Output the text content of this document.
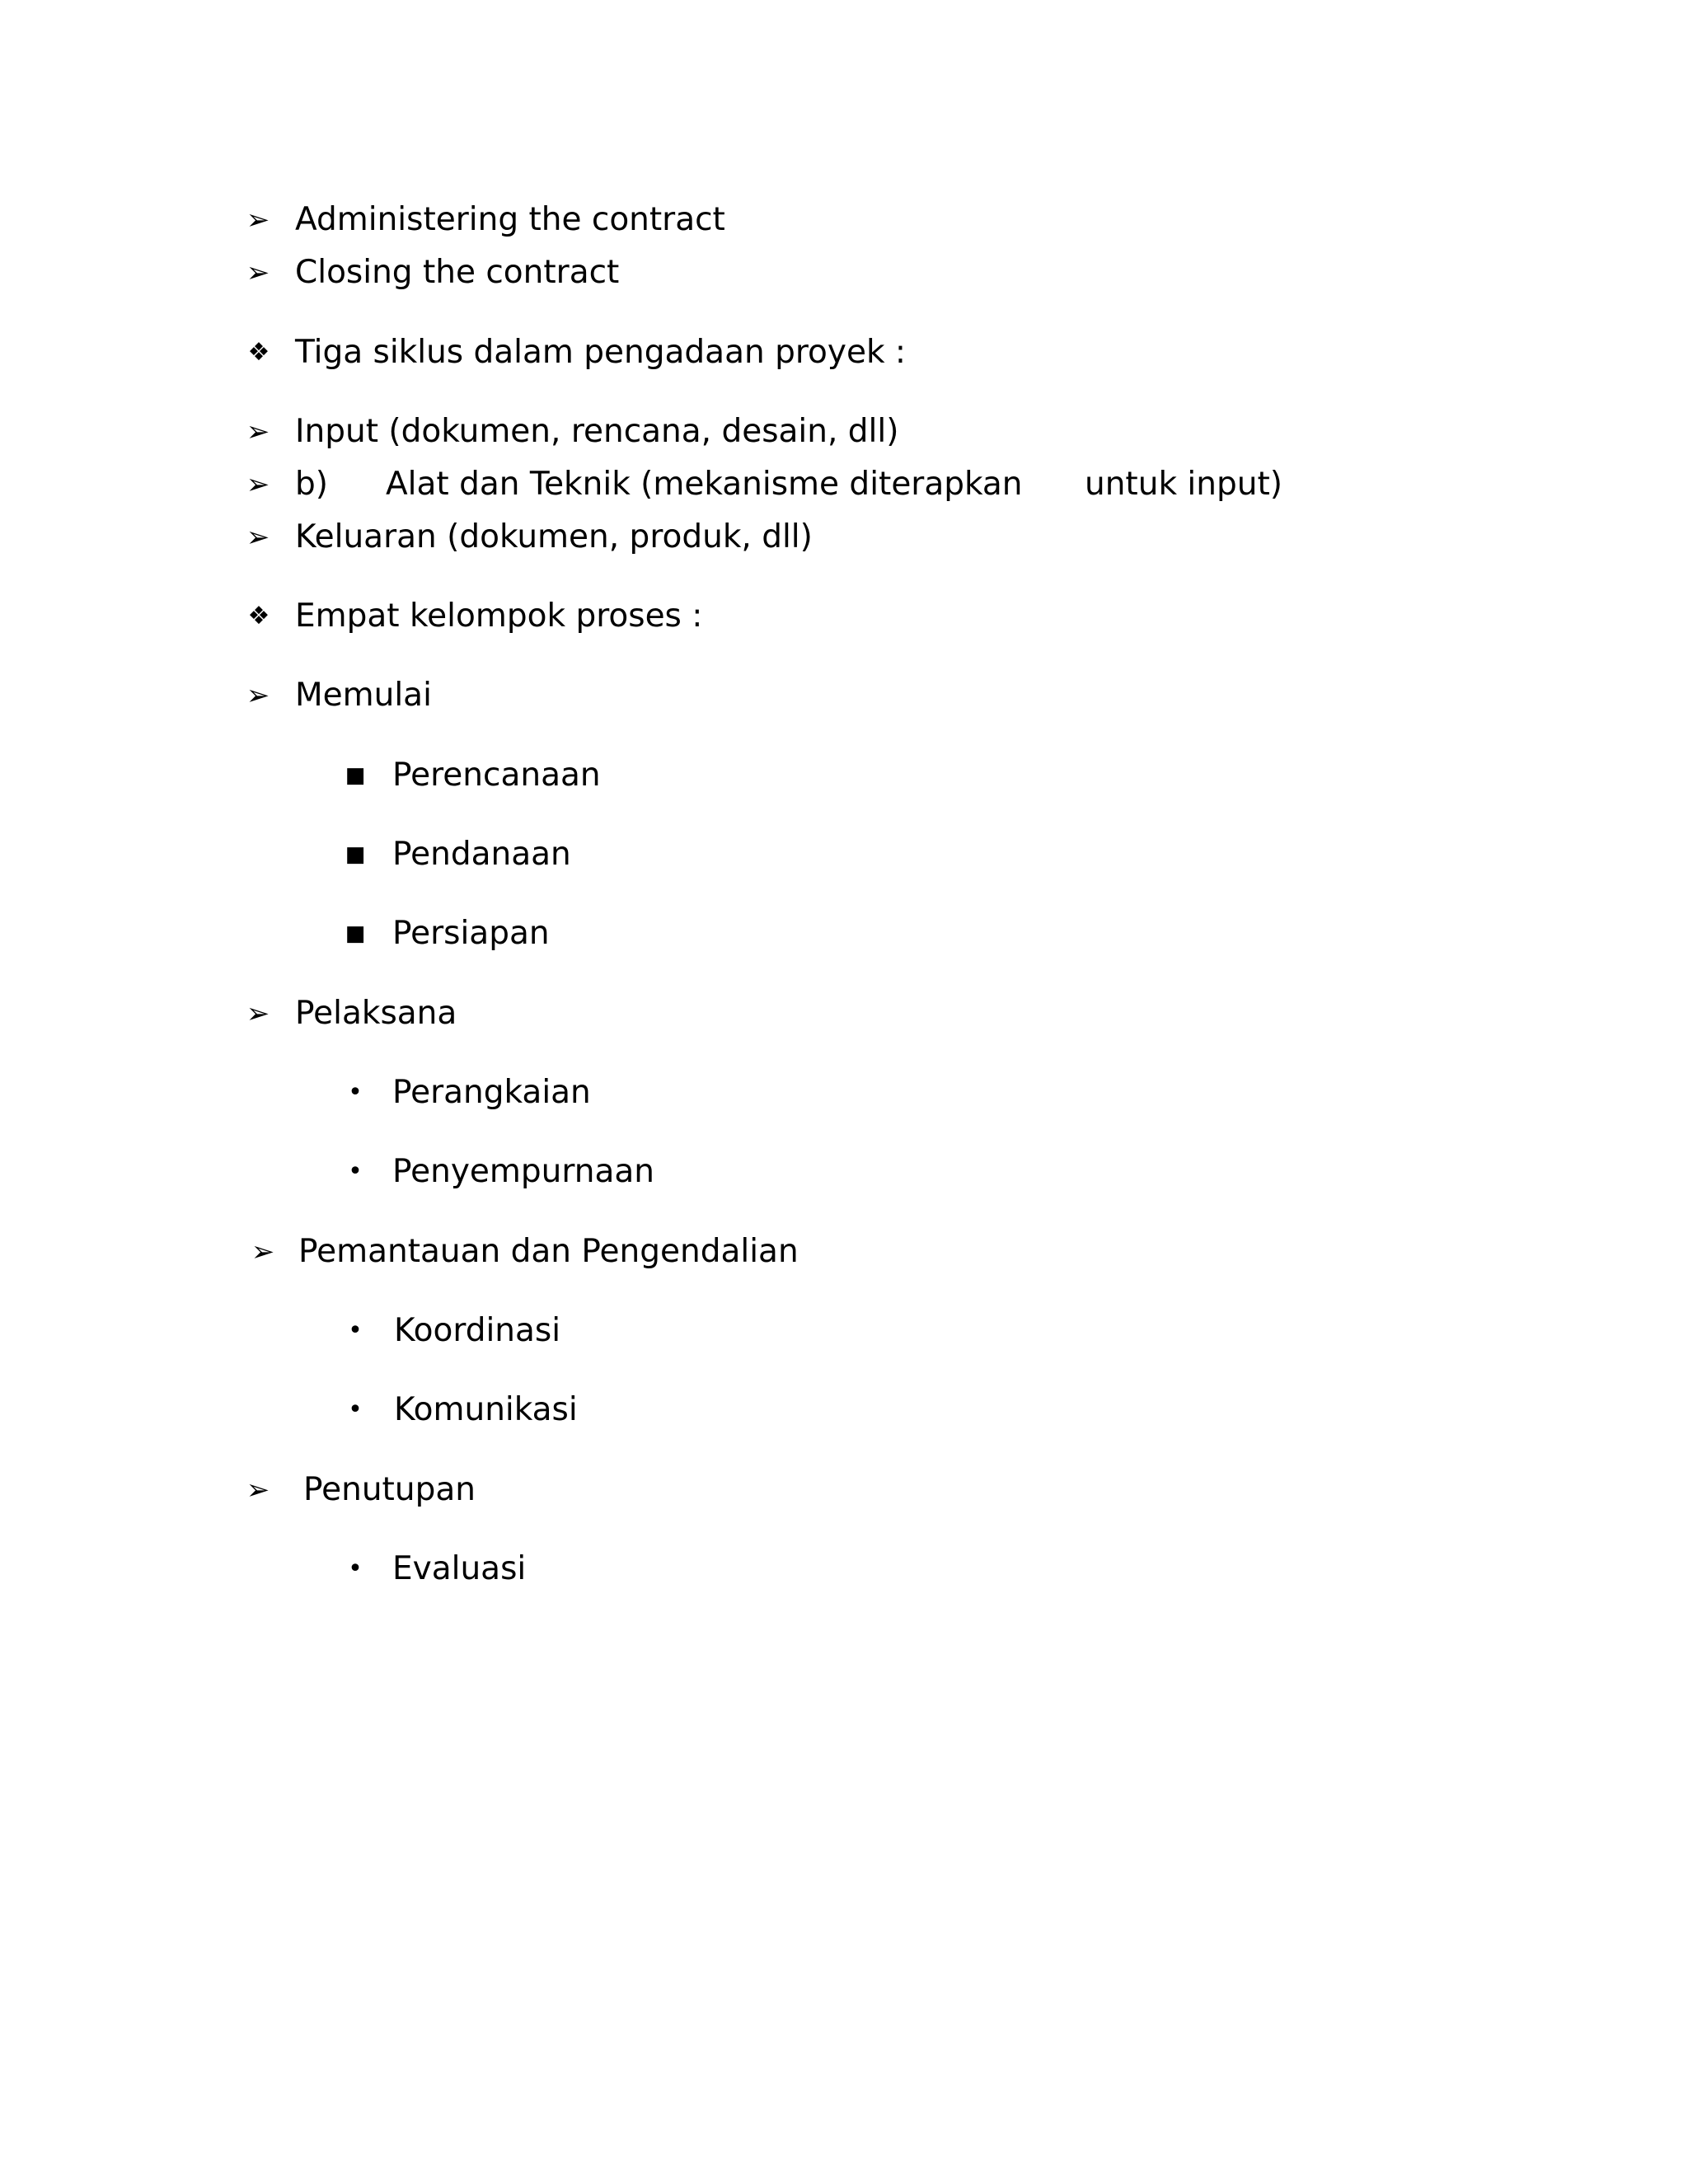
➢ Administering the contract
➢ Closing the contract
❖ Tiga siklus dalam pengadaan proyek :
➢ Input (dokumen, rencana, desain, dll)
➢ b) Alat dan Teknik (mekanisme diterapkan untuk input)
➢ Keluaran (dokumen, produk, dll)
❖ Empat kelompok proses :
➢ Memulai
■ Perencanaan
■ Pendanaan
■ Persiapan
➢ Pelaksana
• Perangkaian
• Penyempurnaan
➢ Pemantauan dan Pengendalian
• Koordinasi
• Komunikasi
➢ Penutupan
• Evaluasi
